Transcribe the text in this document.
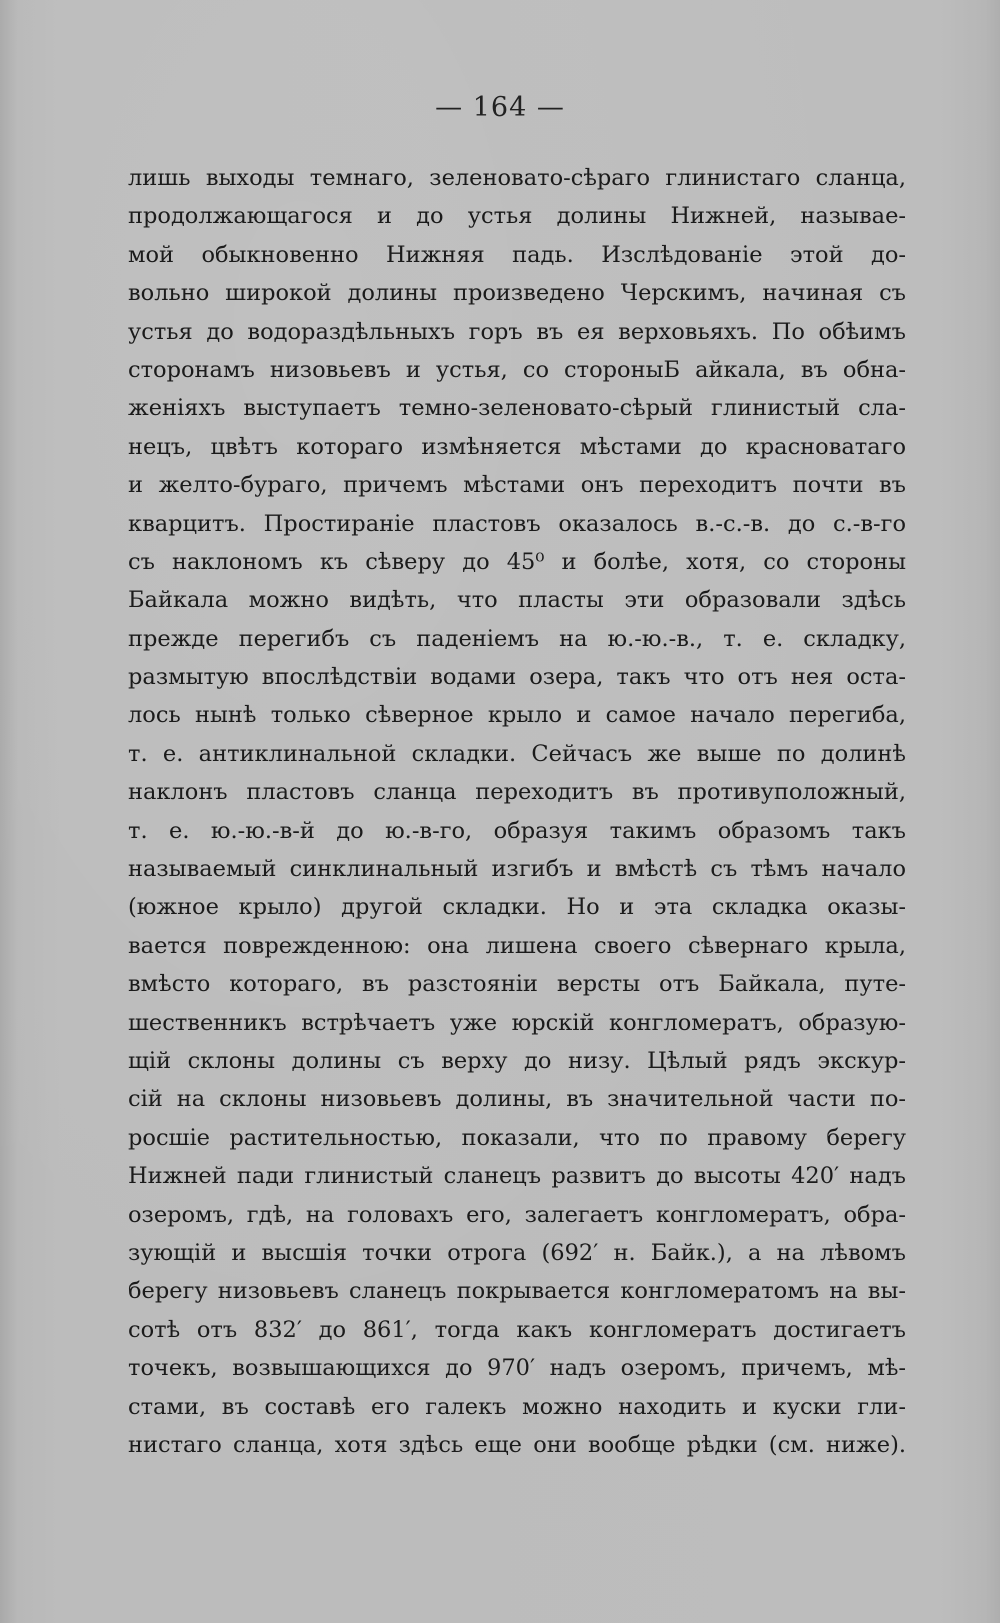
— 164 —
лишь выходы темнаго, зеленовато-сѣраго глинистаго сланца,
продолжающагося и до устья долины Нижней, называе-
мой обыкновенно Нижняя падь. Изслѣдованіе этой до-
вольно широкой долины произведено Черскимъ, начиная съ
устья до водораздѣльныхъ горъ въ ея верховьяхъ. По обѣимъ
сторонамъ низовьевъ и устья, со стороныБ айкала, въ обна-
женіяхъ выступаетъ темно-зеленовато-сѣрый глинистый сла-
нецъ, цвѣтъ котораго измѣняется мѣстами до красноватаго
и желто-бураго, причемъ мѣстами онъ переходитъ почти въ
кварцитъ. Простираніе пластовъ оказалось в.-с.-в. до с.-в-го
съ наклономъ къ сѣверу до 45⁰ и болѣе, хотя, со стороны
Байкала можно видѣть, что пласты эти образовали здѣсь
прежде перегибъ съ паденіемъ на ю.-ю.-в., т. е. складку,
размытую впослѣдствіи водами озера, такъ что отъ нея оста-
лось нынѣ только сѣверное крыло и самое начало перегиба,
т. е. антиклинальной складки. Сейчасъ же выше по долинѣ
наклонъ пластовъ сланца переходитъ въ противуположный,
т. е. ю.-ю.-в-й до ю.-в-го, образуя такимъ образомъ такъ
называемый синклинальный изгибъ и вмѣстѣ съ тѣмъ начало
(южное крыло) другой складки. Но и эта складка оказы-
вается поврежденною: она лишена своего сѣвернаго крыла,
вмѣсто котораго, въ разстояніи версты отъ Байкала, путе-
шественникъ встрѣчаетъ уже юрскій конгломератъ, образую-
щій склоны долины съ верху до низу. Цѣлый рядъ экскур-
сій на склоны низовьевъ долины, въ значительной части по-
росшіе растительностью, показали, что по правому берегу
Нижней пади глинистый сланецъ развитъ до высоты 420′ надъ
озеромъ, гдѣ, на головахъ его, залегаетъ конгломератъ, обра-
зующій и высшія точки отрога (692′ н. Байк.), а на лѣвомъ
берегу низовьевъ сланецъ покрывается конгломератомъ на вы-
сотѣ отъ 832′ до 861′, тогда какъ конгломератъ достигаетъ
точекъ, возвышающихся до 970′ надъ озеромъ, причемъ, мѣ-
стами, въ составѣ его галекъ можно находить и куски гли-
нистаго сланца, хотя здѣсь еще они вообще рѣдки (см. ниже).
